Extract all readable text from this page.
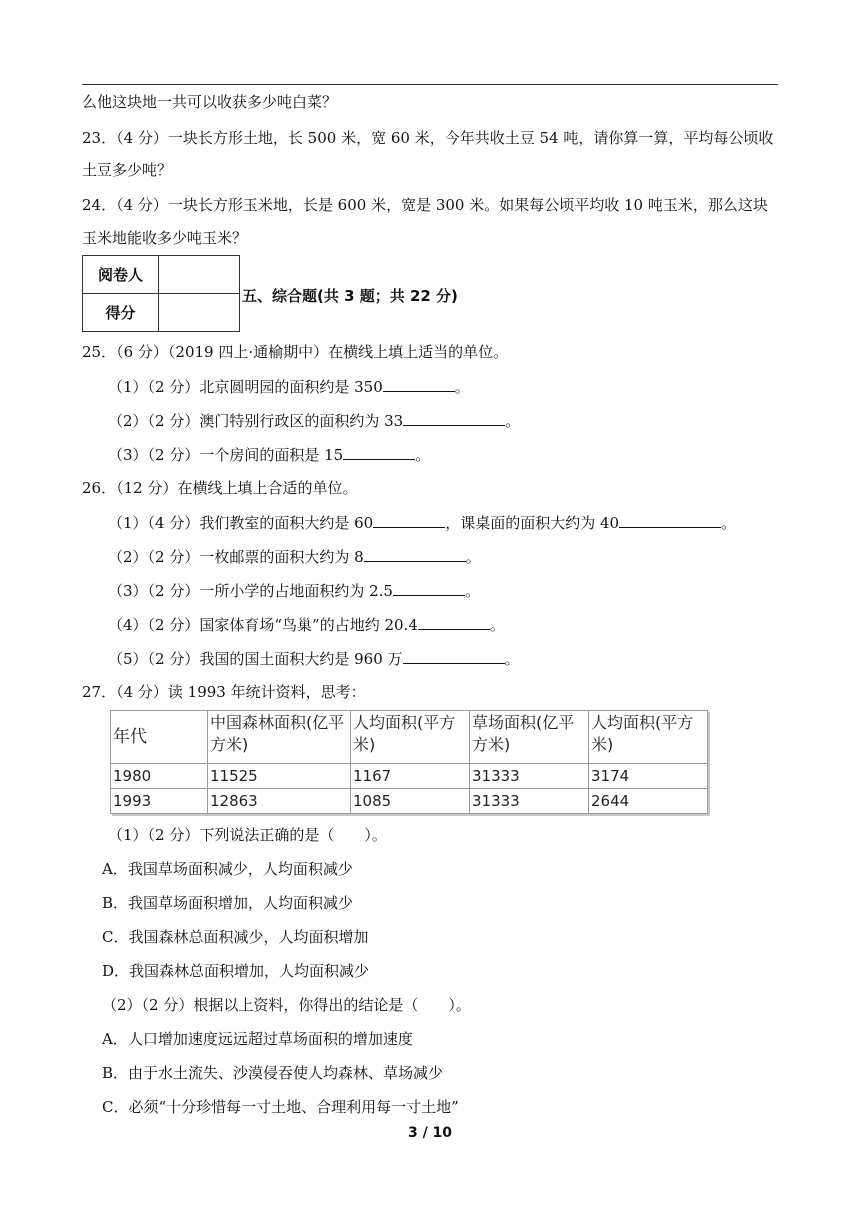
么他这块地一共可以收获多少吨白菜？
23．（4 分）一块长方形土地，长 500 米，宽 60 米，今年共收土豆 54 吨，请你算一算，平均每公顷收
土豆多少吨？
24．（4 分）一块长方形玉米地，长是 600 米，宽是 300 米。如果每公顷平均收 10 吨玉米，那么这块
玉米地能收多少吨玉米？
阅卷人	
得分	
五、综合题(共 3 题；共 22 分)
25．（6 分）（2019 四上·通榆期中）在横线上填上适当的单位。
（1）（2 分）北京圆明园的面积约是 350	。
（2）（2 分）澳门特别行政区的面积约为 33	。
（3）（2 分）一个房间的面积是 15	。
26．（12 分）在横线上填上合适的单位。
（1）（4 分）我们教室的面积大约是 60	，课桌面的面积大约为 40	。
（2）（2 分）一枚邮票的面积大约为 8	。
（3）（2 分）一所小学的占地面积约为 2.5	。
（4）（2 分）国家体育场“鸟巢”的占地约 20.4	。
（5）（2 分）我国的国土面积大约是 960 万	。
27．（4 分）读 1993 年统计资料，思考：
年代	中国森林面积(亿平方米)	人均面积(平方米)	草场面积(亿平方米)	人均面积(平方米)
1980	11525	1167	31333	3174
1993	12863	1085	31333	2644
（1）（2 分）下列说法正确的是（　　）。
A．我国草场面积减少，人均面积减少
B．我国草场面积增加，人均面积减少
C．我国森林总面积减少，人均面积增加
D．我国森林总面积增加，人均面积减少
（2）（2 分）根据以上资料，你得出的结论是（　　）。
A．人口增加速度远远超过草场面积的增加速度
B．由于水土流失、沙漠侵吞使人均森林、草场减少
C．必须“十分珍惜每一寸土地、合理利用每一寸土地”
3 / 10
